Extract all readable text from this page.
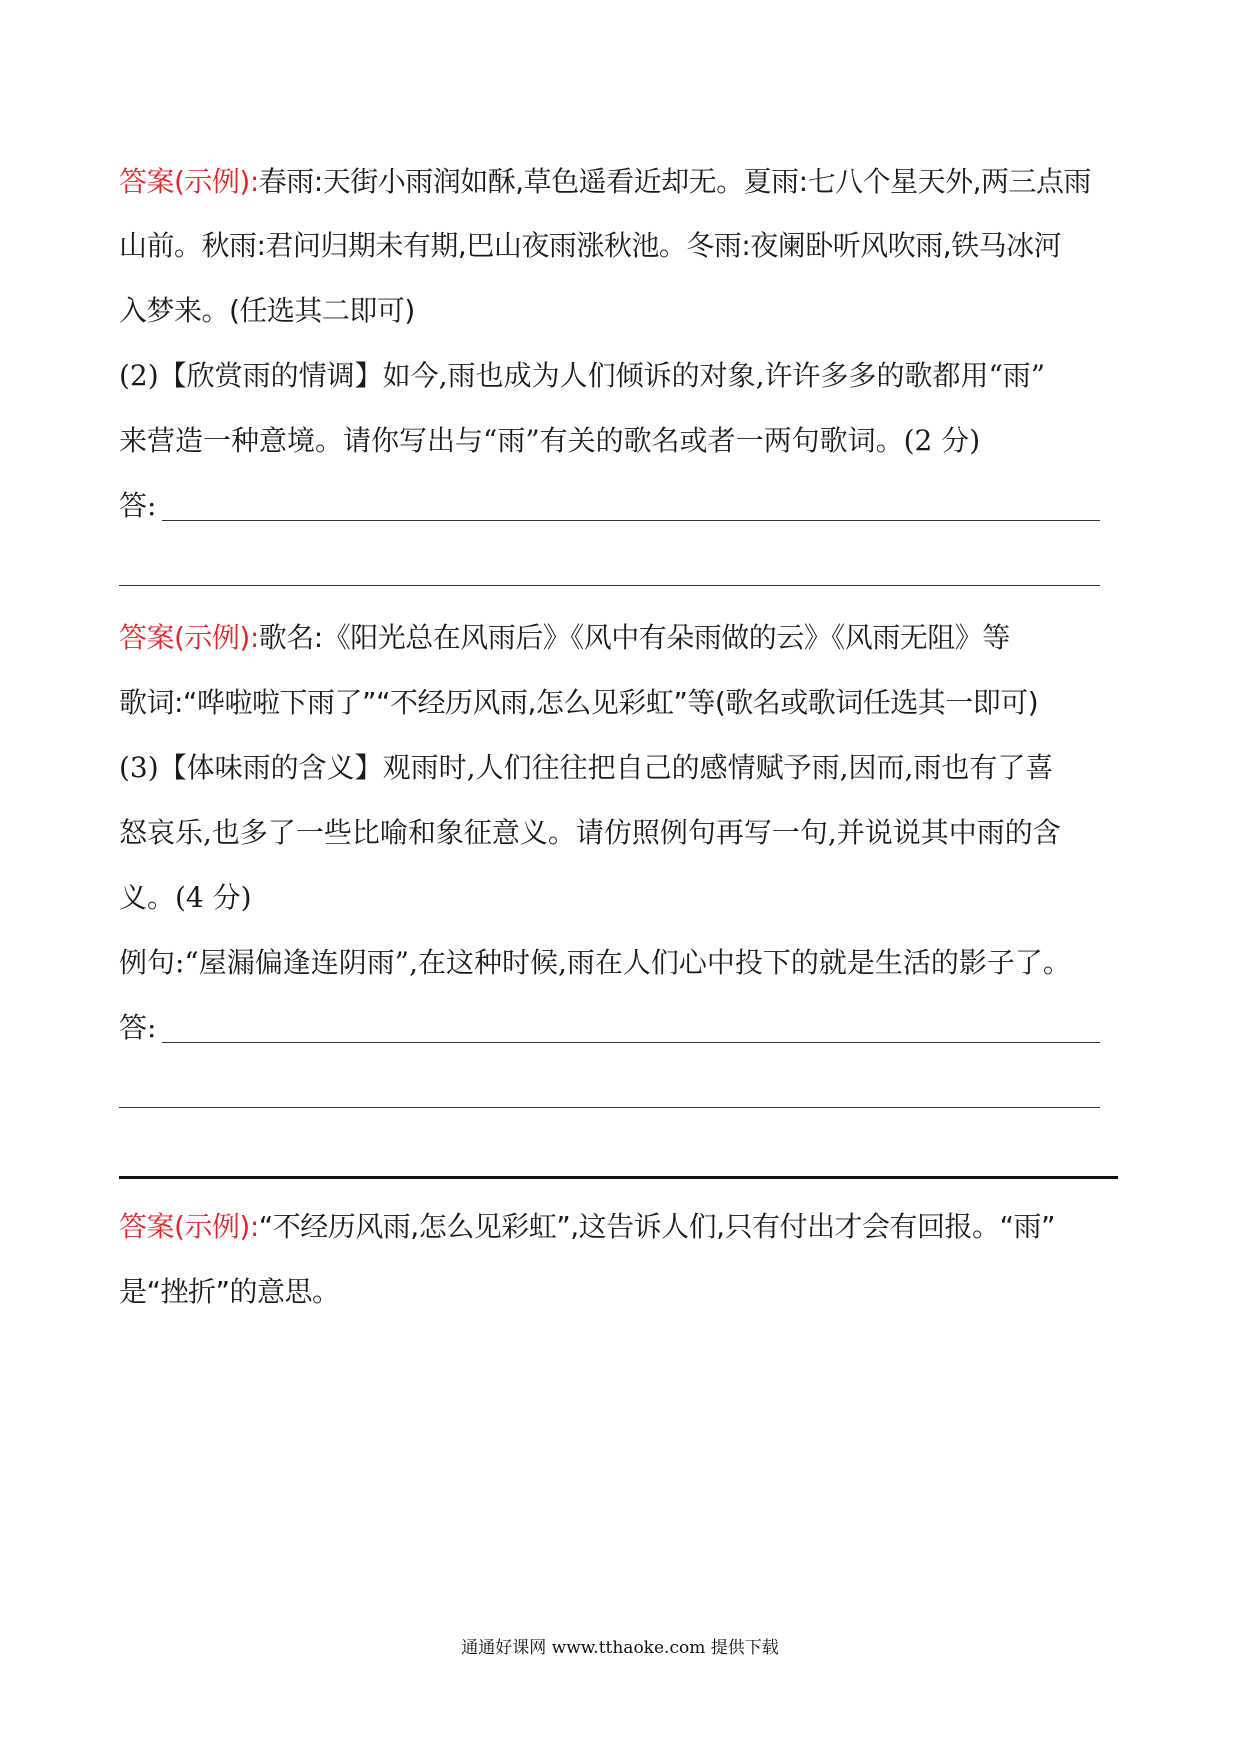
答案(示例):春雨:天街小雨润如酥,草色遥看近却无。夏雨:七八个星天外,两三点雨
山前。秋雨:君问归期未有期,巴山夜雨涨秋池。冬雨:夜阑卧听风吹雨,铁马冰河
入梦来。(任选其二即可)
(2)【欣赏雨的情调】如今,雨也成为人们倾诉的对象,许许多多的歌都用“雨”
来营造一种意境。请你写出与“雨”有关的歌名或者一两句歌词。(2 分)
答:
答案(示例):歌名:《阳光总在风雨后》《风中有朵雨做的云》《风雨无阻》等
歌词:“哗啦啦下雨了”“不经历风雨,怎么见彩虹”等(歌名或歌词任选其一即可)
(3)【体味雨的含义】观雨时,人们往往把自己的感情赋予雨,因而,雨也有了喜
怒哀乐,也多了一些比喻和象征意义。请仿照例句再写一句,并说说其中雨的含
义。(4 分)
例句:“屋漏偏逢连阴雨”,在这种时候,雨在人们心中投下的就是生活的影子了。
答:
答案(示例):“不经历风雨,怎么见彩虹”,这告诉人们,只有付出才会有回报。“雨”
是“挫折”的意思。
通通好课网 www.tthaoke.com 提供下载
